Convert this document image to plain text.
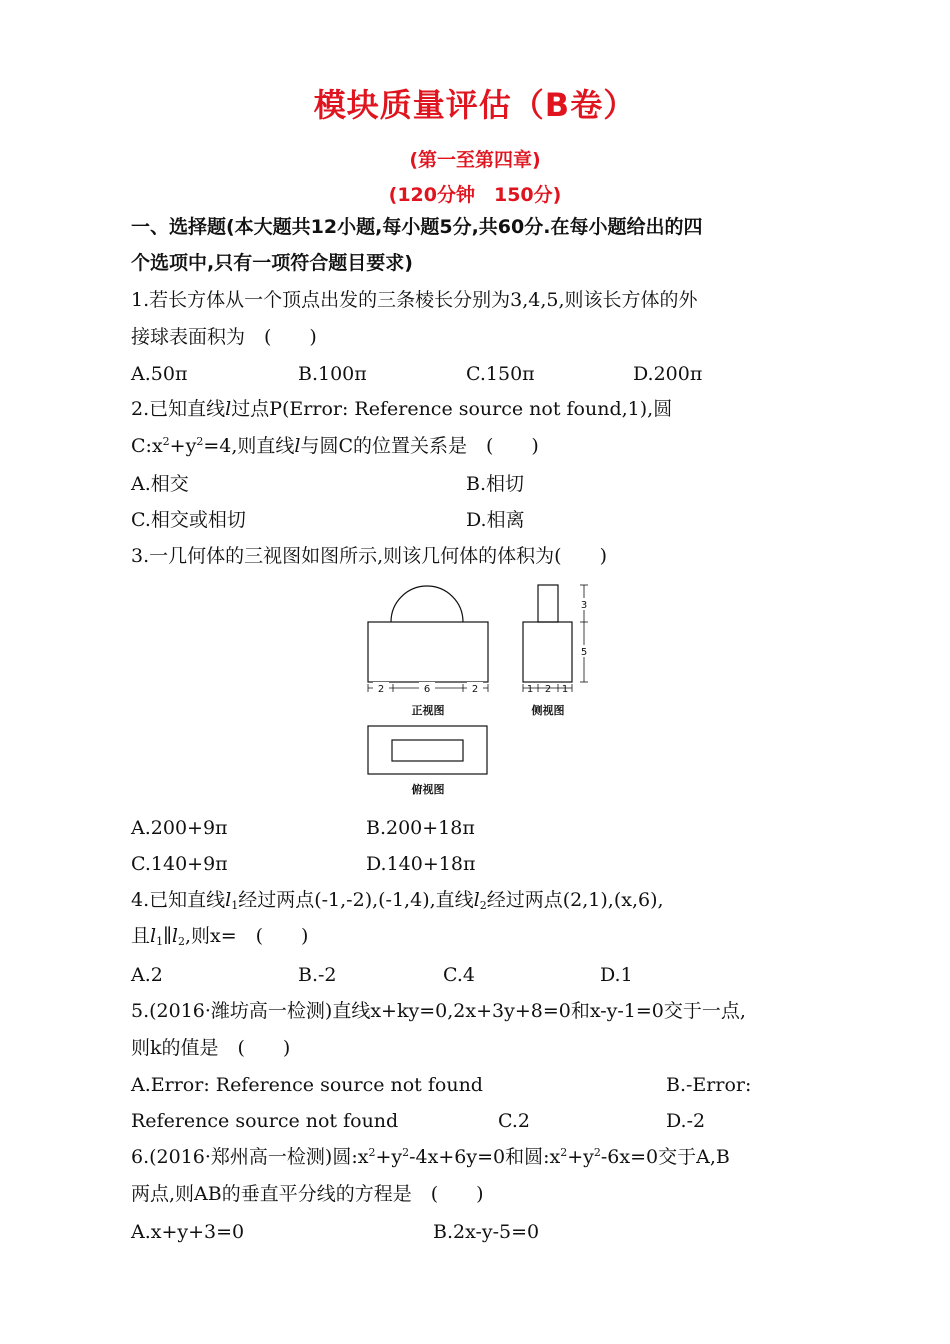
模块质量评估（B卷）
(第一至第四章)
(120分钟　150分)
一、选择题(本大题共12小题,每小题5分,共60分.在每小题给出的四
个选项中,只有一项符合题目要求)
1.若长方体从一个顶点出发的三条棱长分别为3,4,5,则该长方体的外
接球表面积为　(　　)
A.50π	B.100π	C.150π	D.200π
2.已知直线l过点P(Error: Reference source not found,1),圆
$C:x^2+y^2=4$,则直线l与圆C的位置关系是　(　　)
A.相交	B.相切
C.相交或相切	D.相离
3.一几何体的三视图如图所示,则该几何体的体积为(　　)
2	6	2	1 2 1
3
5
正视图	侧视图
俯视图
A.200+9π	B.200+18π
C.140+9π	D.140+18π
4.已知直线$l_1$经过两点(-1,-2),(-1,4),直线$l_2$经过两点(2,1),(x,6),
且$l_1\parallel l_2$,则x=　(　　)
A.2	B.-2	C.4	D.1
5.(2016·潍坊高一检测)直线x+ky=0,2x+3y+8=0和x-y-1=0交于一点,
则k的值是　(　　)
A.Error: Reference source not found	B.-Error:
Reference source not found	C.2	D.-2
6.(2016·郑州高一检测)圆$:x^2+y^2-4x+6y=0$和圆$:x^2+y^2-6x=0$交于A,B
两点,则AB的垂直平分线的方程是　(　　)
A.x+y+3=0	B.2x-y-5=0
